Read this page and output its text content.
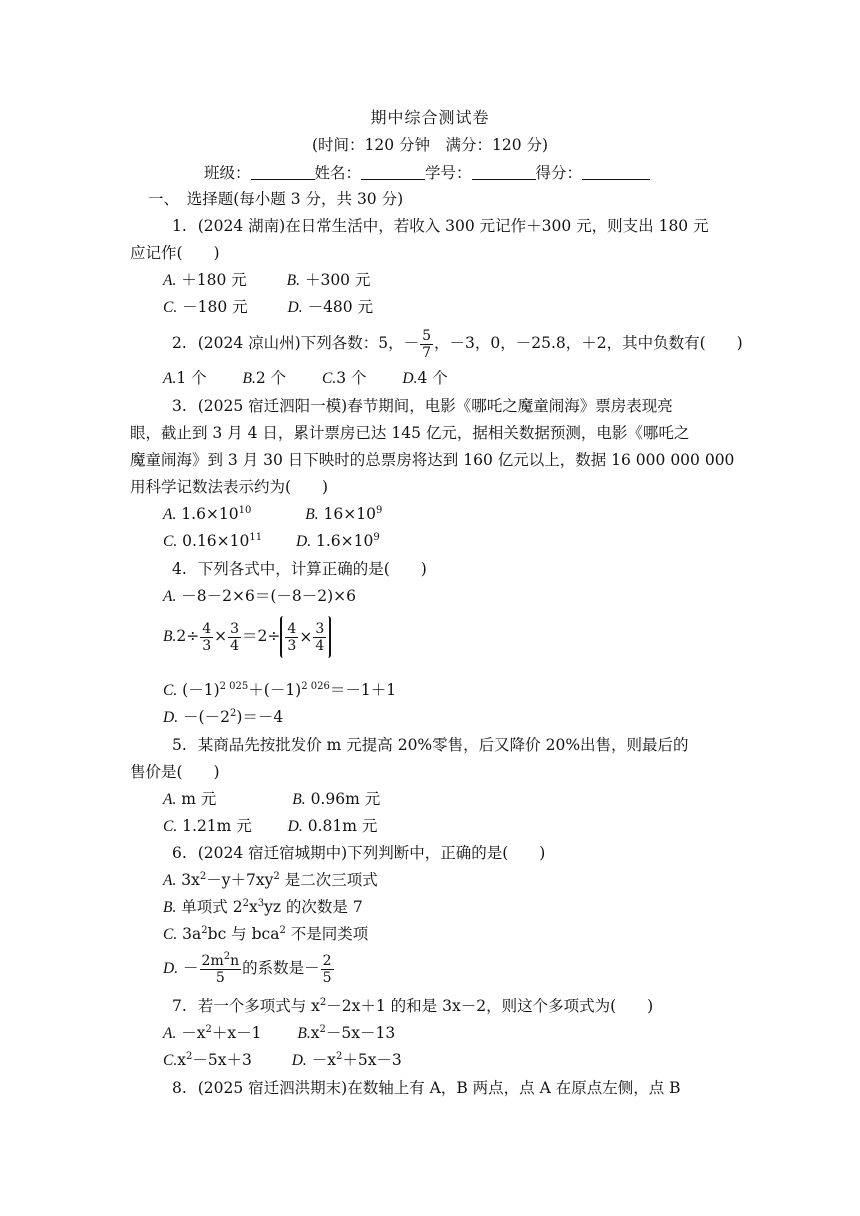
期中综合测试卷
(时间：120 分钟　满分：120 分)
班级：	姓名：	学号：	得分：
一、　选择题(每小题 3 分，共 30 分)
1. (2024 湖南)在日常生活中，若收入 300 元记作＋300 元，则支出 180 元
应记作(　　)
A. ＋180 元	B. ＋300 元
C. －180 元	D. －480 元
2. (2024 凉山州)下列各数：5，－ $\frac{5}{7}$ ，－3，0，－25.8，＋2，其中负数有(　　)
A.1 个 B.2 个 C.3 个 D.4 个
3. (2025 宿迁泗阳一模)春节期间，电影《哪吒之魔童闹海》票房表现亮
眼，截止到 3 月 4 日，累计票房已达 145 亿元，据相关数据预测，电影《哪吒之
魔童闹海》到 3 月 30 日下映时的总票房将达到 160 亿元以上，数据 16 000 000 000
用科学记数法表示约为(　　)
A. $1.6\times 10^{10}$	B. $16\times 10^9$
C. $0.16\times 10^{11}$ D. $1.6\times 10^9$
4. 下列各式中，计算正确的是(　　)
A. －8－2×6＝(－8－2)×6
$B.2\div \frac{4}{3} \times \frac{3}{4} =2\div \frac{4}{3} \times \frac{3}{4}$
C. $(-1)^{2 025}+(-1)^{2 026}=-1+1$
D. $-(-2^2)=-4$
5. 某商品先按批发价 m 元提高 20%零售，后又降价 20%出售，则最后的
售价是(　　)
A. m 元	B. 0.96m 元
C. 1.21m 元 D. 0.81m 元
6. (2024 宿迁宿城期中)下列判断中，正确的是(　　)
A. $3x^2-y+7xy^2$ 是二次三项式
B. 单项式 $2^2x^3yz$ 的次数是 7
C. $3a^2bc$ 与 bca$^2$ 不是同类项
D. － $\frac{2m^2n}{5}$ 的系数是－ $\frac{2}{5}$
7. 若一个多项式与 $x^2-2x+1$ 的和是 3x－2，则这个多项式为(　　)
A. $-x^2+x-1$ $B.x^2-5x-13$
$C.x^2-5x+3$	D. $-x^2+5x-3$
8. (2025 宿迁泗洪期末)在数轴上有 A，B 两点，点 A 在原点左侧，点 B
